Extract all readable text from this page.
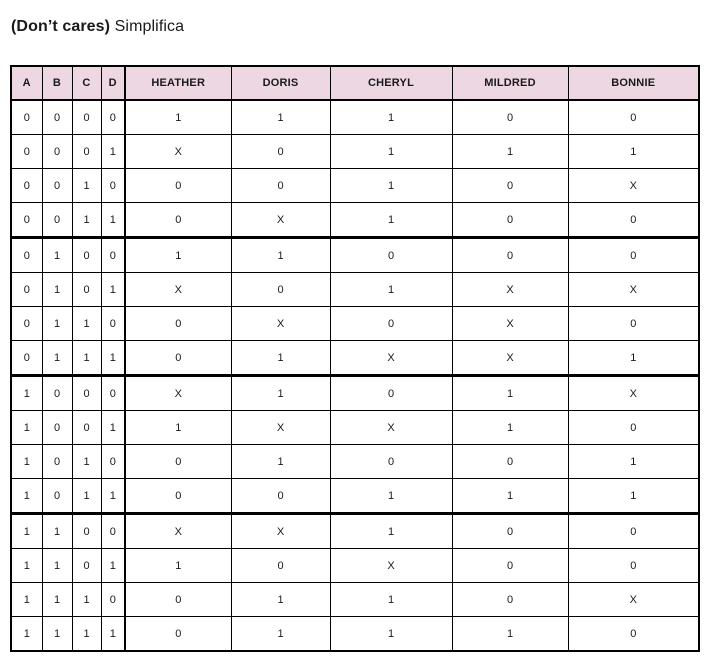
(Don’t cares) Simplifica
A	B	C	D	HEATHER	DORIS	CHERYL	MILDRED	BONNIE
0	0	0	0	1	1	1	0	0
0	0	0	1	X	0	1	1	1
0	0	1	0	0	0	1	0	X
0	0	1	1	0	X	1	0	0
0	1	0	0	1	1	0	0	0
0	1	0	1	X	0	1	X	X
0	1	1	0	0	X	0	X	0
0	1	1	1	0	1	X	X	1
1	0	0	0	X	1	0	1	X
1	0	0	1	1	X	X	1	0
1	0	1	0	0	1	0	0	1
1	0	1	1	0	0	1	1	1
1	1	0	0	X	X	1	0	0
1	1	0	1	1	0	X	0	0
1	1	1	0	0	1	1	0	X
1	1	1	1	0	1	1	1	0
